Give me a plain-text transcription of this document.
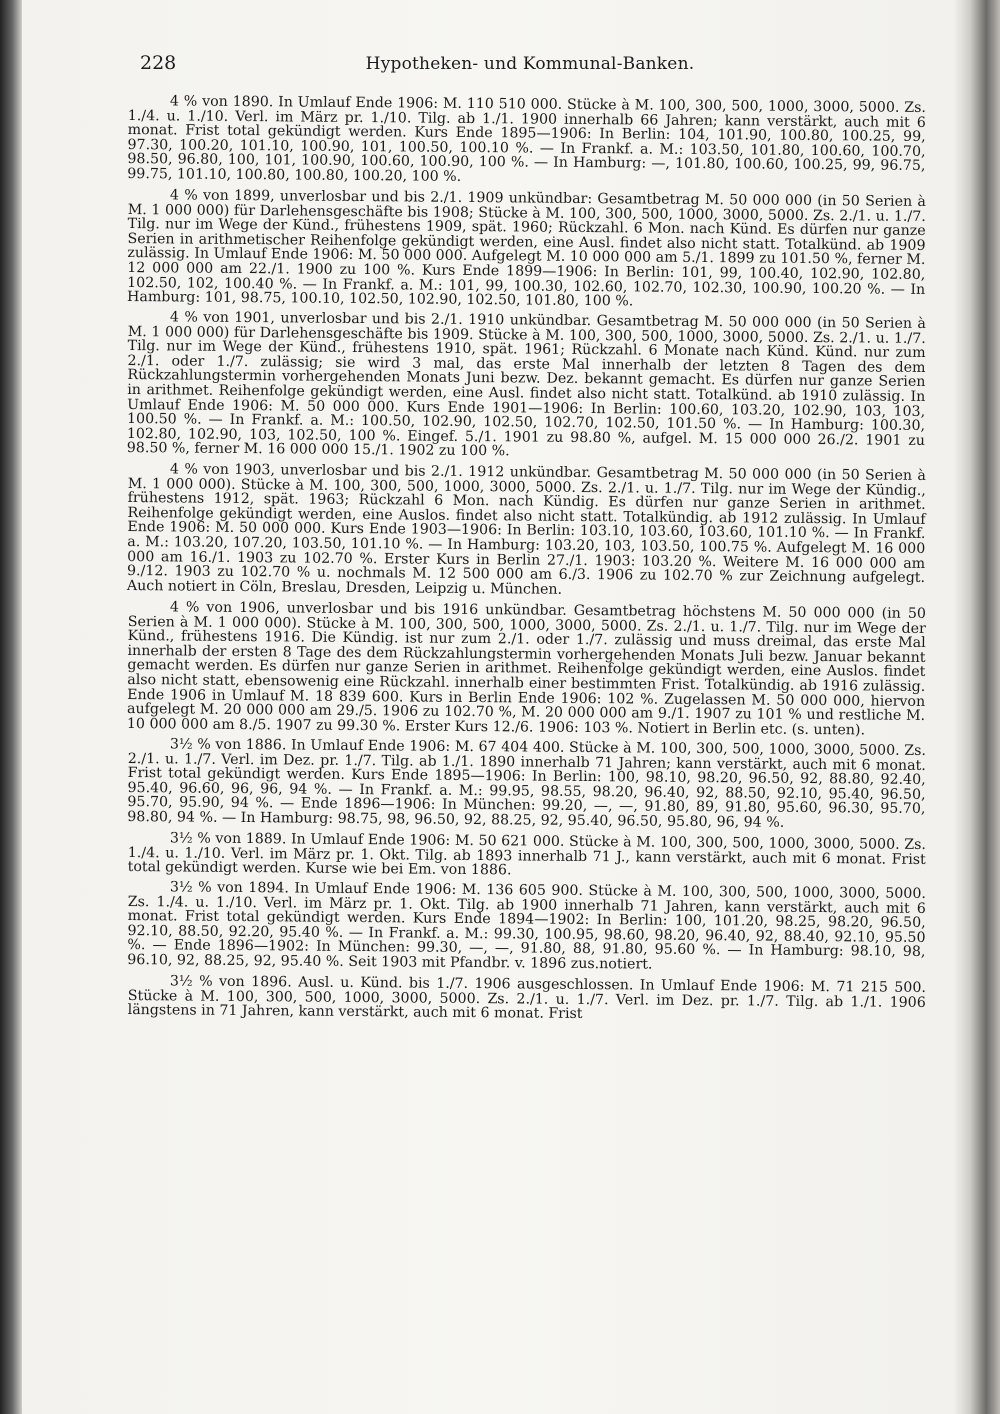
228	Hypotheken- und Kommunal-Banken.

4 % von 1890. In Umlauf Ende 1906: M. 110 510 000. Stücke à M. 100, 300, 500, 1000, 3000, 5000. Zs. 1./4. u. 1./10. Verl. im März pr. 1./10. Tilg. ab 1./1. 1900 innerhalb 66 Jahren; kann verstärkt, auch mit 6 monat. Frist total gekündigt werden. Kurs Ende 1895—1906: In Berlin: 104, 101.90, 100.80, 100.25, 99, 97.30, 100.20, 101.10, 100.90, 101, 100.50, 100.10 %. — In Frankf. a. M.: 103.50, 101.80, 100.60, 100.70, 98.50, 96.80, 100, 101, 100.90, 100.60, 100.90, 100 %. — In Hamburg: —, 101.80, 100.60, 100.25, 99, 96.75, 99.75, 101.10, 100.80, 100.80, 100.20, 100 %.

4 % von 1899, unverlosbar und bis 2./1. 1909 unkündbar: Gesamtbetrag M. 50 000 000 (in 50 Serien à M. 1 000 000) für Darlehensgeschäfte bis 1908; Stücke à M. 100, 300, 500, 1000, 3000, 5000. Zs. 2./1. u. 1./7. Tilg. nur im Wege der Künd., frühestens 1909, spät. 1960; Rückzahl. 6 Mon. nach Künd. Es dürfen nur ganze Serien in arithmetischer Reihenfolge gekündigt werden, eine Ausl. findet also nicht statt. Totalkünd. ab 1909 zulässig. In Umlauf Ende 1906: M. 50 000 000. Aufgelegt M. 10 000 000 am 5./1. 1899 zu 101.50 %, ferner M. 12 000 000 am 22./1. 1900 zu 100 %. Kurs Ende 1899—1906: In Berlin: 101, 99, 100.40, 102.90, 102.80, 102.50, 102, 100.40 %. — In Frankf. a. M.: 101, 99, 100.30, 102.60, 102.70, 102.30, 100.90, 100.20 %. — In Hamburg: 101, 98.75, 100.10, 102.50, 102.90, 102.50, 101.80, 100 %.

4 % von 1901, unverlosbar und bis 2./1. 1910 unkündbar. Gesamtbetrag M. 50 000 000 (in 50 Serien à M. 1 000 000) für Darlehensgeschäfte bis 1909. Stücke à M. 100, 300, 500, 1000, 3000, 5000. Zs. 2./1. u. 1./7. Tilg. nur im Wege der Künd., frühestens 1910, spät. 1961; Rückzahl. 6 Monate nach Künd. Künd. nur zum 2./1. oder 1./7. zulässig; sie wird 3 mal, das erste Mal innerhalb der letzten 8 Tagen des dem Rückzahlungstermin vorhergehenden Monats Juni bezw. Dez. bekannt gemacht. Es dürfen nur ganze Serien in arithmet. Reihenfolge gekündigt werden, eine Ausl. findet also nicht statt. Totalkünd. ab 1910 zulässig. In Umlauf Ende 1906: M. 50 000 000. Kurs Ende 1901—1906: In Berlin: 100.60, 103.20, 102.90, 103, 103, 100.50 %. — In Frankf. a. M.: 100.50, 102.90, 102.50, 102.70, 102.50, 101.50 %. — In Hamburg: 100.30, 102.80, 102.90, 103, 102.50, 100 %. Eingef. 5./1. 1901 zu 98.80 %, aufgel. M. 15 000 000 26./2. 1901 zu 98.50 %, ferner M. 16 000 000 15./1. 1902 zu 100 %.

4 % von 1903, unverlosbar und bis 2./1. 1912 unkündbar. Gesamtbetrag M. 50 000 000 (in 50 Serien à M. 1 000 000). Stücke à M. 100, 300, 500, 1000, 3000, 5000. Zs. 2./1. u. 1./7. Tilg. nur im Wege der Kündig., frühestens 1912, spät. 1963; Rückzahl 6 Mon. nach Kündig. Es dürfen nur ganze Serien in arithmet. Reihenfolge gekündigt werden, eine Auslos. findet also nicht statt. Totalkündig. ab 1912 zulässig. In Umlauf Ende 1906: M. 50 000 000. Kurs Ende 1903—1906: In Berlin: 103.10, 103.60, 103.60, 101.10 %. — In Frankf. a. M.: 103.20, 107.20, 103.50, 101.10 %. — In Hamburg: 103.20, 103, 103.50, 100.75 %. Aufgelegt M. 16 000 000 am 16./1. 1903 zu 102.70 %. Erster Kurs in Berlin 27./1. 1903: 103.20 %. Weitere M. 16 000 000 am 9./12. 1903 zu 102.70 % u. nochmals M. 12 500 000 am 6./3. 1906 zu 102.70 % zur Zeichnung aufgelegt. Auch notiert in Cöln, Breslau, Dresden, Leipzig u. München.

4 % von 1906, unverlosbar und bis 1916 unkündbar. Gesamtbetrag höchstens M. 50 000 000 (in 50 Serien à M. 1 000 000). Stücke à M. 100, 300, 500, 1000, 3000, 5000. Zs. 2./1. u. 1./7. Tilg. nur im Wege der Künd., frühestens 1916. Die Kündig. ist nur zum 2./1. oder 1./7. zulässig und muss dreimal, das erste Mal innerhalb der ersten 8 Tage des dem Rückzahlungstermin vorhergehenden Monats Juli bezw. Januar bekannt gemacht werden. Es dürfen nur ganze Serien in arithmet. Reihenfolge gekündigt werden, eine Auslos. findet also nicht statt, ebensowenig eine Rückzahl. innerhalb einer bestimmten Frist. Totalkündig. ab 1916 zulässig. Ende 1906 in Umlauf M. 18 839 600. Kurs in Berlin Ende 1906: 102 %. Zugelassen M. 50 000 000, hiervon aufgelegt M. 20 000 000 am 29./5. 1906 zu 102.70 %, M. 20 000 000 am 9./1. 1907 zu 101 % und restliche M. 10 000 000 am 8./5. 1907 zu 99.30 %. Erster Kurs 12./6. 1906: 103 %. Notiert in Berlin etc. (s. unten).

3½ % von 1886. In Umlauf Ende 1906: M. 67 404 400. Stücke à M. 100, 300, 500, 1000, 3000, 5000. Zs. 2./1. u. 1./7. Verl. im Dez. pr. 1./7. Tilg. ab 1./1. 1890 innerhalb 71 Jahren; kann verstärkt, auch mit 6 monat. Frist total gekündigt werden. Kurs Ende 1895—1906: In Berlin: 100, 98.10, 98.20, 96.50, 92, 88.80, 92.40, 95.40, 96.60, 96, 96, 94 %. — In Frankf. a. M.: 99.95, 98.55, 98.20, 96.40, 92, 88.50, 92.10, 95.40, 96.50, 95.70, 95.90, 94 %. — Ende 1896—1906: In München: 99.20, —, —, 91.80, 89, 91.80, 95.60, 96.30, 95.70, 98.80, 94 %. — In Hamburg: 98.75, 98, 96.50, 92, 88.25, 92, 95.40, 96.50, 95.80, 96, 94 %.

3½ % von 1889. In Umlauf Ende 1906: M. 50 621 000. Stücke à M. 100, 300, 500, 1000, 3000, 5000. Zs. 1./4. u. 1./10. Verl. im März pr. 1. Okt. Tilg. ab 1893 innerhalb 71 J., kann verstärkt, auch mit 6 monat. Frist total gekündigt werden. Kurse wie bei Em. von 1886.

3½ % von 1894. In Umlauf Ende 1906: M. 136 605 900. Stücke à M. 100, 300, 500, 1000, 3000, 5000. Zs. 1./4. u. 1./10. Verl. im März pr. 1. Okt. Tilg. ab 1900 innerhalb 71 Jahren, kann verstärkt, auch mit 6 monat. Frist total gekündigt werden. Kurs Ende 1894—1902: In Berlin: 100, 101.20, 98.25, 98.20, 96.50, 92.10, 88.50, 92.20, 95.40 %. — In Frankf. a. M.: 99.30, 100.95, 98.60, 98.20, 96.40, 92, 88.40, 92.10, 95.50 %. — Ende 1896—1902: In München: 99.30, —, —, 91.80, 88, 91.80, 95.60 %. — In Hamburg: 98.10, 98, 96.10, 92, 88.25, 92, 95.40 %. Seit 1903 mit Pfandbr. v. 1896 zus.notiert.

3½ % von 1896. Ausl. u. Künd. bis 1./7. 1906 ausgeschlossen. In Umlauf Ende 1906: M. 71 215 500. Stücke à M. 100, 300, 500, 1000, 3000, 5000. Zs. 2./1. u. 1./7. Verl. im Dez. pr. 1./7. Tilg. ab 1./1. 1906 längstens in 71 Jahren, kann verstärkt, auch mit 6 monat. Frist
